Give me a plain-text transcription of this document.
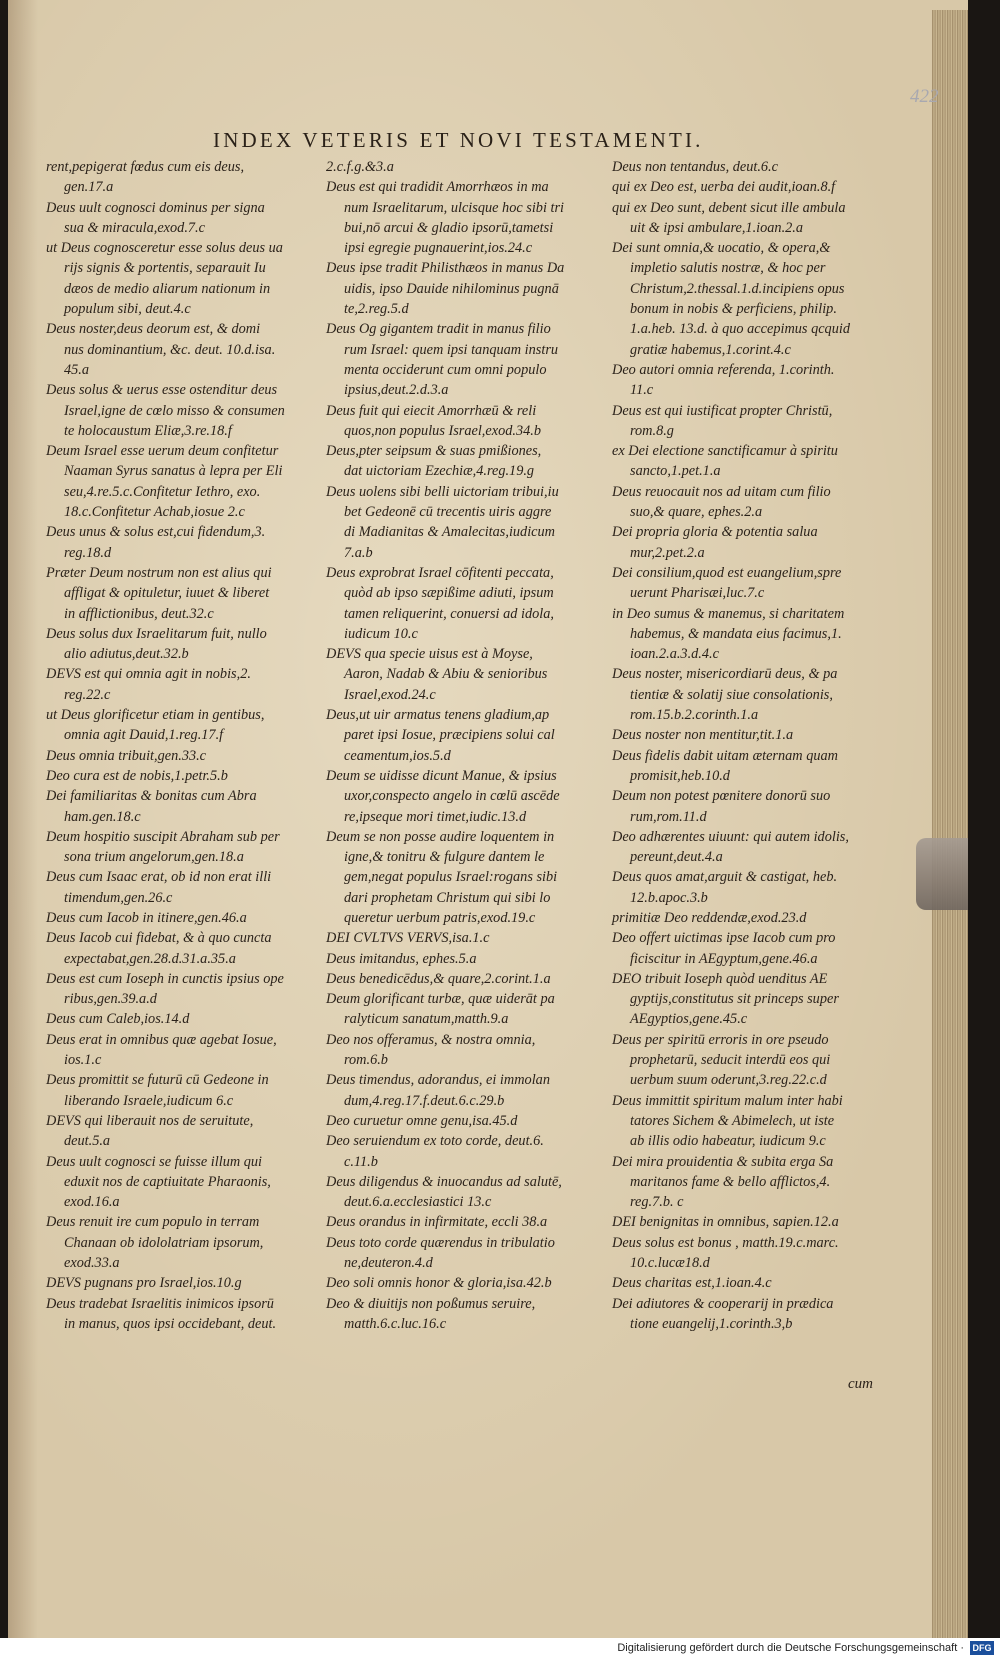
422
INDEX VETERIS ET NOVI TESTAMENTI.
rent,pepigerat fœdus cum eis deus,
gen.17.a
Deus uult cognosci dominus per signa
sua & miracula,exod.7.c
ut Deus cognosceretur esse solus deus ua
rijs signis & portentis, separauit Iu
dæos de medio aliarum nationum in
populum sibi, deut.4.c
Deus noster,deus deorum est, & domi
nus dominantium, &c. deut. 10.d.isa.
45.a
Deus solus & uerus esse ostenditur deus
Israel,igne de cœlo misso & consumen
te holocaustum Eliæ,3.re.18.f
Deum Israel esse uerum deum confitetur
Naaman Syrus sanatus à lepra per Eli
seu,4.re.5.c.Confitetur Iethro, exo.
18.c.Confitetur Achab,iosue 2.c
Deus unus & solus est,cui fidendum,3.
reg.18.d
Præter Deum nostrum non est alius qui
affligat & opituletur, iuuet & liberet
in afflictionibus, deut.32.c
Deus solus dux Israelitarum fuit, nullo
alio adiutus,deut.32.b
DEVS est qui omnia agit in nobis,2.
reg.22.c
ut Deus glorificetur etiam in gentibus,
omnia agit Dauid,1.reg.17.f
Deus omnia tribuit,gen.33.c
Deo cura est de nobis,1.petr.5.b
Dei familiaritas & bonitas cum Abra
ham.gen.18.c
Deum hospitio suscipit Abraham sub per
sona trium angelorum,gen.18.a
Deus cum Isaac erat, ob id non erat illi
timendum,gen.26.c
Deus cum Iacob in itinere,gen.46.a
Deus Iacob cui fidebat, & à quo cuncta
expectabat,gen.28.d.31.a.35.a
Deus est cum Ioseph in cunctis ipsius ope
ribus,gen.39.a.d
Deus cum Caleb,ios.14.d
Deus erat in omnibus quæ agebat Iosue,
ios.1.c
Deus promittit se futurū cū Gedeone in
liberando Israele,iudicum 6.c
DEVS qui liberauit nos de seruitute,
deut.5.a
Deus uult cognosci se fuisse illum qui
eduxit nos de captiuitate Pharaonis,
exod.16.a
Deus renuit ire cum populo in terram
Chanaan ob idololatriam ipsorum,
exod.33.a
DEVS pugnans pro Israel,ios.10.g
Deus tradebat Israelitis inimicos ipsorū
in manus, quos ipsi occidebant, deut.
2.c.f.g.&3.a
Deus est qui tradidit Amorrhæos in ma
num Israelitarum, ulcisque hoc sibi tri
bui,nō arcui & gladio ipsorū,tametsi
ipsi egregie pugnauerint,ios.24.c
Deus ipse tradit Philisthæos in manus Da
uidis, ipso Dauide nihilominus pugnā
te,2.reg.5.d
Deus Og gigantem tradit in manus filio
rum Israel: quem ipsi tanquam instru
menta occiderunt cum omni populo
ipsius,deut.2.d.3.a
Deus fuit qui eiecit Amorrhæū & reli
quos,non populus Israel,exod.34.b
Deus,pter seipsum & suas pmißiones,
dat uictoriam Ezechiæ,4.reg.19.g
Deus uolens sibi belli uictoriam tribui,iu
bet Gedeonē cū trecentis uiris aggre
di Madianitas & Amalecitas,iudicum
7.a.b
Deus exprobrat Israel cōfitenti peccata,
quòd ab ipso sæpißime adiuti, ipsum
tamen reliquerint, conuersi ad idola,
iudicum 10.c
DEVS qua specie uisus est à Moyse,
Aaron, Nadab & Abiu & senioribus
Israel,exod.24.c
Deus,ut uir armatus tenens gladium,ap
paret ipsi Iosue, præcipiens solui cal
ceamentum,ios.5.d
Deum se uidisse dicunt Manue, & ipsius
uxor,conspecto angelo in cœlū ascēde
re,ipseque mori timet,iudic.13.d
Deum se non posse audire loquentem in
igne,& tonitru & fulgure dantem le
gem,negat populus Israel:rogans sibi
dari prophetam Christum qui sibi lo
queretur uerbum patris,exod.19.c
DEI CVLTVS VERVS,isa.1.c
Deus imitandus, ephes.5.a
Deus benedicēdus,& quare,2.corint.1.a
Deum glorificant turbæ, quæ uiderāt pa
ralyticum sanatum,matth.9.a
Deo nos offeramus, & nostra omnia,
rom.6.b
Deus timendus, adorandus, ei immolan
dum,4.reg.17.f.deut.6.c.29.b
Deo curuetur omne genu,isa.45.d
Deo seruiendum ex toto corde, deut.6.
c.11.b
Deus diligendus & inuocandus ad salutē,
deut.6.a.ecclesiastici 13.c
Deus orandus in infirmitate, eccli 38.a
Deus toto corde quærendus in tribulatio
ne,deuteron.4.d
Deo soli omnis honor & gloria,isa.42.b
Deo & diuitijs non poßumus seruire,
matth.6.c.luc.16.c
Deus non tentandus, deut.6.c
qui ex Deo est, uerba dei audit,ioan.8.f
qui ex Deo sunt, debent sicut ille ambula
uit & ipsi ambulare,1.ioan.2.a
Dei sunt omnia,& uocatio, & opera,&
impletio salutis nostræ, & hoc per
Christum,2.thessal.1.d.incipiens opus
bonum in nobis & perficiens, philip.
1.a.heb. 13.d. à quo accepimus qcquid
gratiæ habemus,1.corint.4.c
Deo autori omnia referenda, 1.corinth.
11.c
Deus est qui iustificat propter Christū,
rom.8.g
ex Dei electione sanctificamur à spiritu
sancto,1.pet.1.a
Deus reuocauit nos ad uitam cum filio
suo,& quare, ephes.2.a
Dei propria gloria & potentia salua
mur,2.pet.2.a
Dei consilium,quod est euangelium,spre
uerunt Pharisæi,luc.7.c
in Deo sumus & manemus, si charitatem
habemus, & mandata eius facimus,1.
ioan.2.a.3.d.4.c
Deus noster, misericordiarū deus, & pa
tientiæ & solatij siue consolationis,
rom.15.b.2.corinth.1.a
Deus noster non mentitur,tit.1.a
Deus fidelis dabit uitam æternam quam
promisit,heb.10.d
Deum non potest pœnitere donorū suo
rum,rom.11.d
Deo adhærentes uiuunt: qui autem idolis,
pereunt,deut.4.a
Deus quos amat,arguit & castigat, heb.
12.b.apoc.3.b
primitiæ Deo reddendæ,exod.23.d
Deo offert uictimas ipse Iacob cum pro
ficiscitur in AEgyptum,gene.46.a
DEO tribuit Ioseph quòd uenditus AE
gyptijs,constitutus sit princeps super
AEgyptios,gene.45.c
Deus per spiritū erroris in ore pseudo
prophetarū, seducit interdū eos qui
uerbum suum oderunt,3.reg.22.c.d
Deus immittit spiritum malum inter habi
tatores Sichem & Abimelech, ut iste
ab illis odio habeatur, iudicum 9.c
Dei mira prouidentia & subita erga Sa
maritanos fame & bello afflictos,4.
reg.7.b. c
DEI benignitas in omnibus, sapien.12.a
Deus solus est bonus , matth.19.c.marc.
10.c.lucæ18.d
Deus charitas est,1.ioan.4.c
Dei adiutores & cooperarij in prædica
tione euangelij,1.corinth.3,b
cum
Digitalisierung gefördert durch die Deutsche Forschungsgemeinschaft · DFG
